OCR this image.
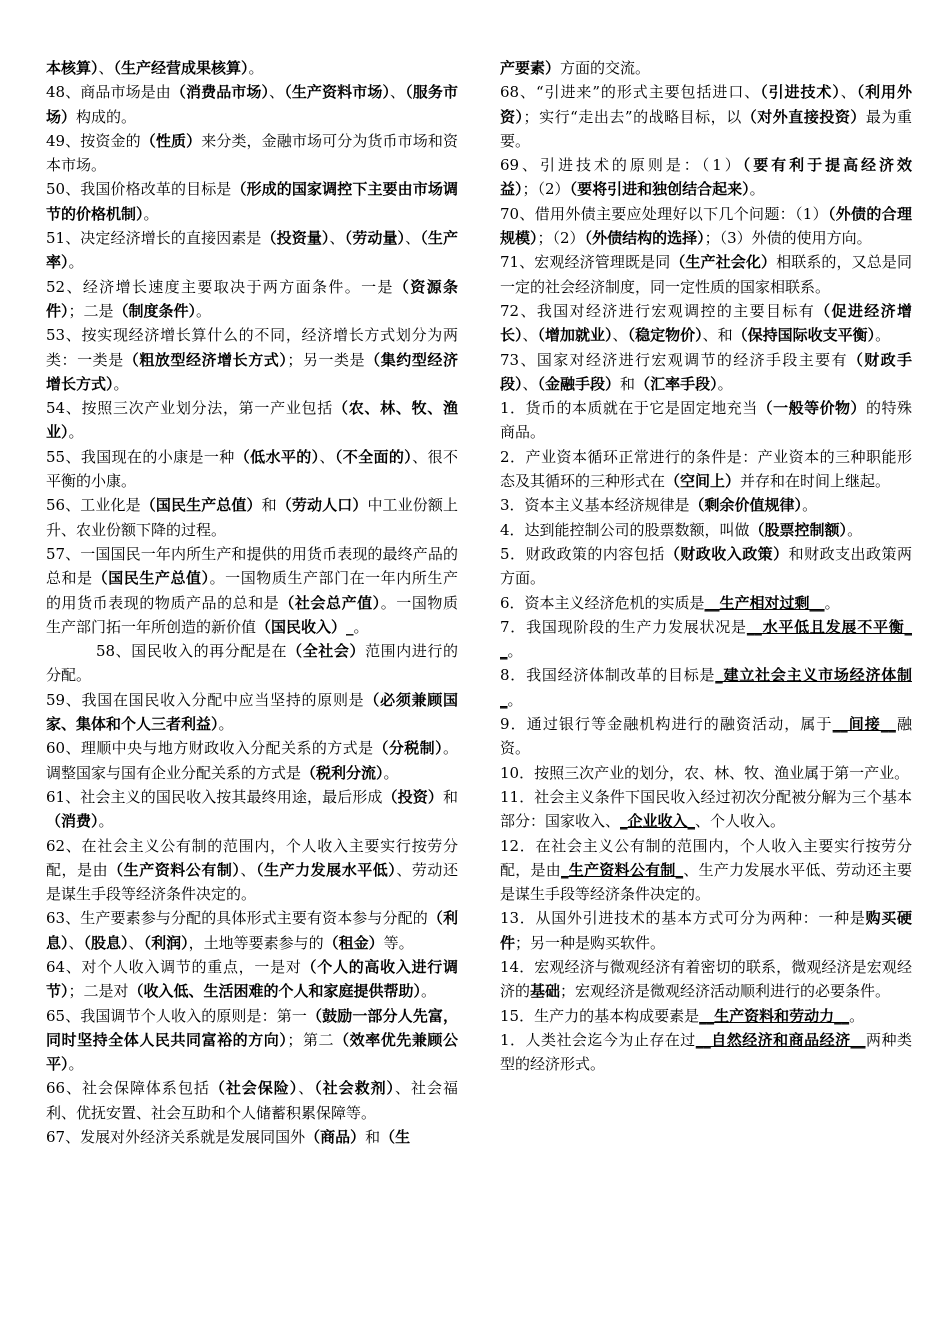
本核算）、（生产经营成果核算）。

48、商品市场是由（消费品市场）、（生产资料市场）、（服务市场）构成的。

49、按资金的（性质）来分类，金融市场可分为货币市场和资本市场。

50、我国价格改革的目标是（形成的国家调控下主要由市场调节的价格机制）。

51、决定经济增长的直接因素是（投资量）、（劳动量）、（生产率）。

52、经济增长速度主要取决于两方面条件。一是（资源条件）；二是（制度条件）。

53、按实现经济增长算什么的不同，经济增长方式划分为两类：一类是（粗放型经济增长方式）；另一类是（集约型经济增长方式）。

54、按照三次产业划分法，第一产业包括（农、林、牧、渔业）。

55、我国现在的小康是一种（低水平的）、（不全面的）、很不平衡的小康。

56、工业化是（国民生产总值）和（劳动人口）中工业份额上升、农业份额下降的过程。

57、一国国民一年内所生产和提供的用货币表现的最终产品的总和是（国民生产总值）。一国物质生产部门在一年内所生产的用货币表现的物质产品的总和是（社会总产值）。一国物质生产部门拓一年所创造的新价值（国民收入）_。

58、国民收入的再分配是在（全社会）范围内进行的分配。

59、我国在国民收入分配中应当坚持的原则是（必须兼顾国家、集体和个人三者利益）。

60、理顺中央与地方财政收入分配关系的方式是（分税制）。调整国家与国有企业分配关系的方式是（税利分流）。

61、社会主义的国民收入按其最终用途，最后形成（投资）和（消费）。

62、在社会主义公有制的范围内，个人收入主要实行按劳分配，是由（生产资料公有制）、（生产力发展水平低）、劳动还是谋生手段等经济条件决定的。

63、生产要素参与分配的具体形式主要有资本参与分配的（利息）、（股息）、（利润），土地等要素参与的（租金）等。

64、对个人收入调节的重点，一是对（个人的高收入进行调节）；二是对（收入低、生活困难的个人和家庭提供帮助）。

65、我国调节个人收入的原则是：第一（鼓励一部分人先富，同时坚持全体人民共同富裕的方向）；第二（效率优先兼顾公平）。

66、社会保障体系包括（社会保险）、（社会救剂）、社会福利、优抚安置、社会互助和个人储蓄积累保障等。

67、发展对外经济关系就是发展同国外（商品）和（生

产要素）方面的交流。

68、“引进来”的形式主要包括进口、（引进技术）、（利用外资）；实行“走出去”的战略目标，以（对外直接投资）最为重要。

69、引进技术的原则是：（1）（要有利于提高经济效益）；（2）（要将引进和独创结合起来）。

70、借用外债主要应处理好以下几个问题：（1）（外债的合理规模）；（2）（外债结构的选择）；（3）外债的使用方向。

71、宏观经济管理既是同（生产社会化）相联系的，又总是同一定的社会经济制度，同一定性质的国家相联系。

72、我国对经济进行宏观调控的主要目标有（促进经济增长）、（增加就业）、（稳定物价）、和（保持国际收支平衡）。

73、国家对经济进行宏观调节的经济手段主要有（财政手段）、（金融手段）和（汇率手段）。

1．货币的本质就在于它是固定地充当（一般等价物）的特殊商品。

2．产业资本循环正常进行的条件是：产业资本的三种职能形态及其循环的三种形式在（空间上）并存和在时间上继起。

3．资本主义基本经济规律是（剩余价值规律）。

4．达到能控制公司的股票数额，叫做（股票控制额）。

5．财政政策的内容包括（财政收入政策）和财政支出政策两方面。

6．资本主义经济危机的实质是__生产相对过剩__。

7．我国现阶段的生产力发展状况是__水平低且发展不平衡__。

8．我国经济体制改革的目标是_建立社会主义市场经济体制_。

9．通过银行等金融机构进行的融资活动，属于__间接__融资。

10．按照三次产业的划分，农、林、牧、渔业属于第一产业。

11．社会主义条件下国民收入经过初次分配被分解为三个基本部分：国家收入、_企业收入_、个人收入。

12．在社会主义公有制的范围内，个人收入主要实行按劳分配，是由_生产资料公有制_、生产力发展水平低、劳动还主要是谋生手段等经济条件决定的。

13．从国外引进技术的基本方式可分为两种：一种是购买硬件；另一种是购买软件。

14．宏观经济与微观经济有着密切的联系，微观经济是宏观经济的基础；宏观经济是微观经济活动顺利进行的必要条件。

15．生产力的基本构成要素是__生产资料和劳动力__。

1．人类社会迄今为止存在过__自然经济和商品经济__两种类型的经济形式。
